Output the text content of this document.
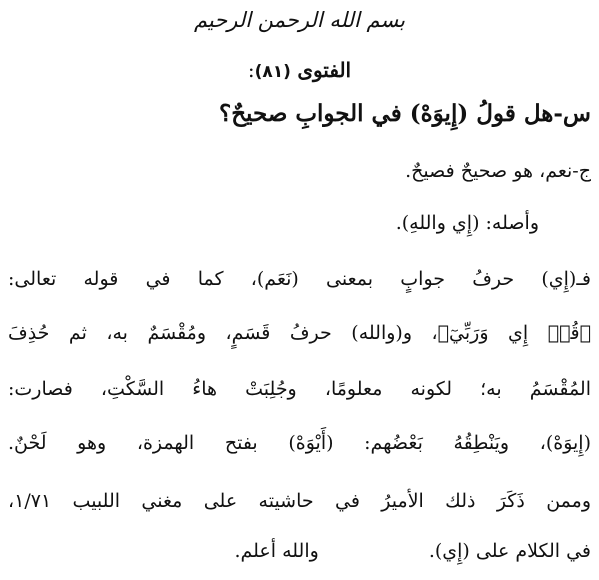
بسم الله الرحمن الرحيم
الفتوى (٨١):
س-هل قولُ (إِيوَهْ) في الجوابِ صحيحٌ؟
ج-نعم، هو صحيحٌ فصيحٌ.
وأصله: (إِي واللهِ).
فـ(إِي) حرفُ جوابٍ بمعنى (نَعَم)، كما في قوله تعالى:
﴿قُلۡ إِي وَرَبِّيٓ﴾، و(والله) حرفُ قَسَمٍ، ومُقْسَمٌ به، ثم حُذِفَ
المُقْسَمُ به؛ لكونه معلومًا، وجُلِبَتْ هاءُ السَّكْتِ، فصارت:
(إِيوَهْ)، ويَنْطِقُهُ بَعْضُهم: (أَيْوَهْ) بفتح الهمزة، وهو لَحْنٌ.
وممن ذَكَرَ ذلك الأميرُ في حاشيته على مغني اللبيب ١/٧١،
في الكلام على (إِي).والله أعلم.
